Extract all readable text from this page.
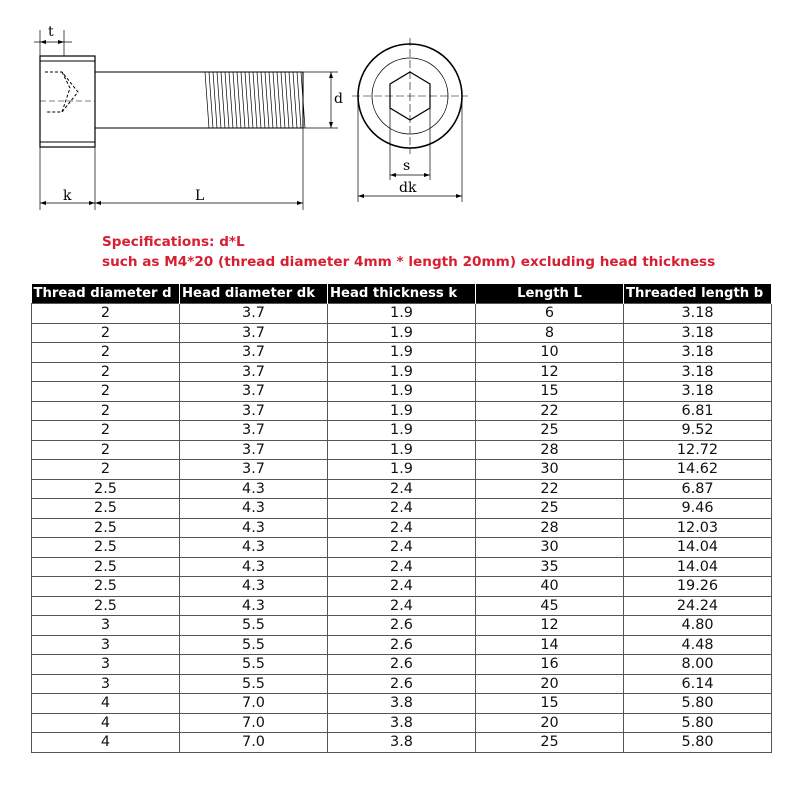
t
d
k	L
s
dk
Specifications: d*L
such as M4*20 (thread diameter 4mm * length 20mm) excluding head thickness
Thread diameter d	Head diameter dk	Head thickness k	Length L	Threaded length b
2	3.7	1.9	6	3.18
2	3.7	1.9	8	3.18
2	3.7	1.9	10	3.18
2	3.7	1.9	12	3.18
2	3.7	1.9	15	3.18
2	3.7	1.9	22	6.81
2	3.7	1.9	25	9.52
2	3.7	1.9	28	12.72
2	3.7	1.9	30	14.62
2.5	4.3	2.4	22	6.87
2.5	4.3	2.4	25	9.46
2.5	4.3	2.4	28	12.03
2.5	4.3	2.4	30	14.04
2.5	4.3	2.4	35	14.04
2.5	4.3	2.4	40	19.26
2.5	4.3	2.4	45	24.24
3	5.5	2.6	12	4.80
3	5.5	2.6	14	4.48
3	5.5	2.6	16	8.00
3	5.5	2.6	20	6.14
4	7.0	3.8	15	5.80
4	7.0	3.8	20	5.80
4	7.0	3.8	25	5.80
